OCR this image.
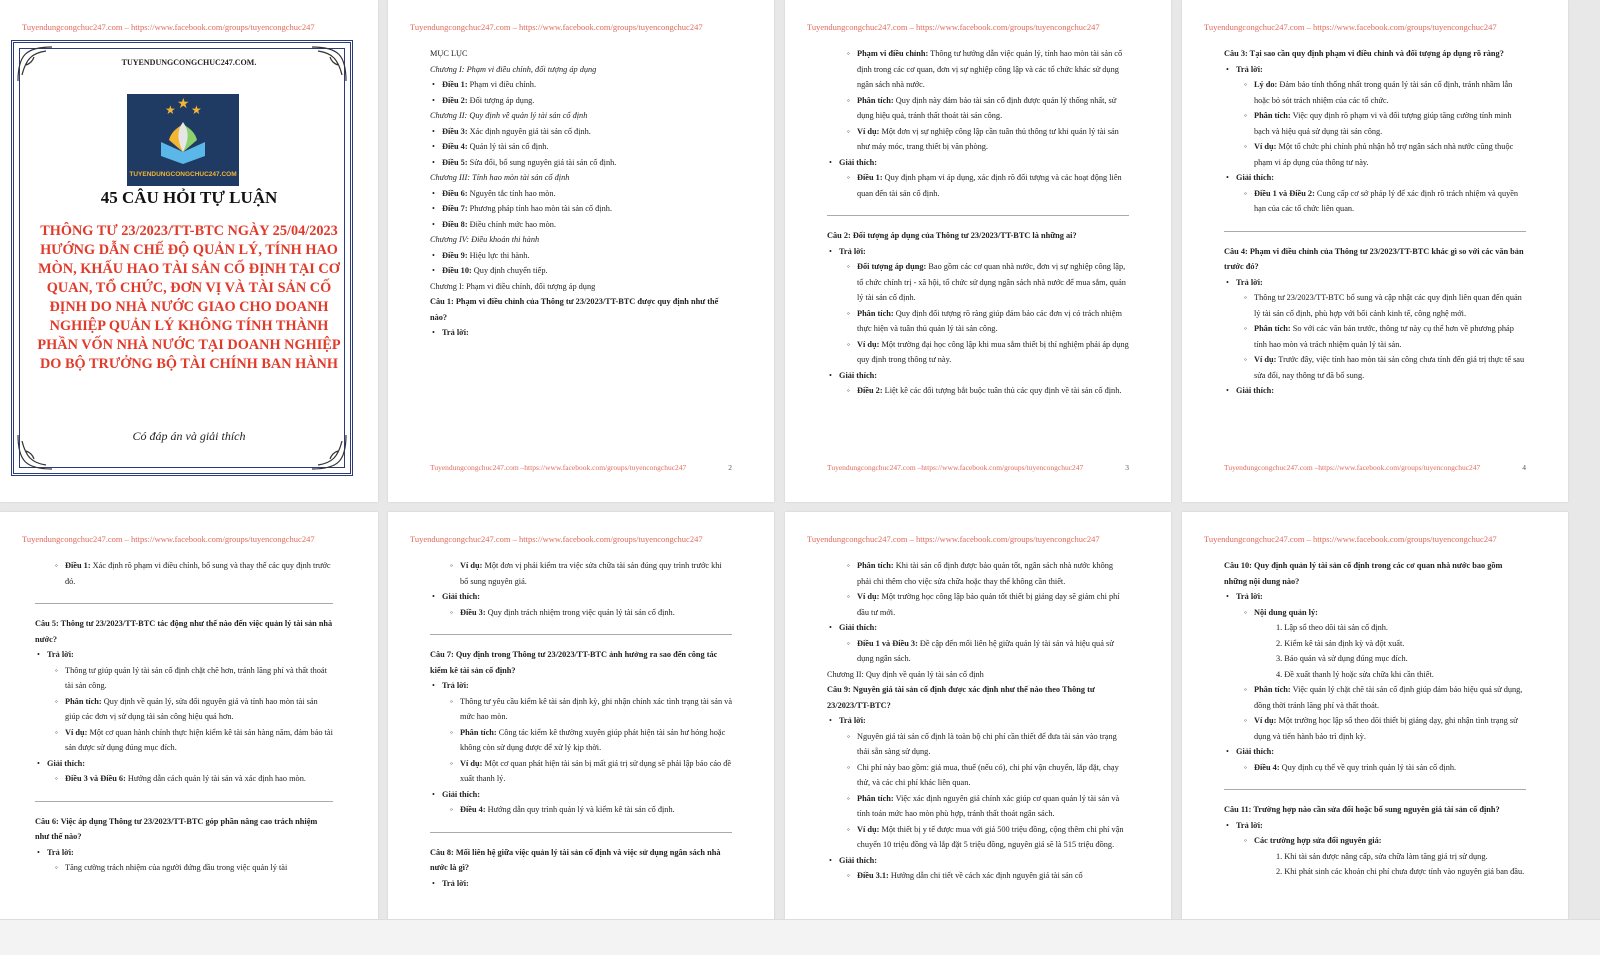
Tuyendungcongchuc247.com – https://www.facebook.com/groups/tuyencongchuc247
TUYENDUNGCONGCHUC247.COM.
★ ★ ★
TUYENDUNGCONGCHUC247.COM
45 CÂU HỎI TỰ LUẬN
THÔNG TƯ 23/2023/TT-BTC NGÀY 25/04/2023 HƯỚNG DẪN CHẾ ĐỘ QUẢN LÝ, TÍNH HAO MÒN, KHẤU HAO TÀI SẢN CỐ ĐỊNH TẠI CƠ QUAN, TỔ CHỨC, ĐƠN VỊ VÀ TÀI SẢN CỐ ĐỊNH DO NHÀ NƯỚC GIAO CHO DOANH NGHIỆP QUẢN LÝ KHÔNG TÍNH THÀNH PHẦN VỐN NHÀ NƯỚC TẠI DOANH NGHIỆP DO BỘ TRƯỞNG BỘ TÀI CHÍNH BAN HÀNH
Có đáp án và giải thích
Tuyendungcongchuc247.com – https://www.facebook.com/groups/tuyencongchuc247

MỤC LỤC

Chương I: Phạm vi điều chỉnh, đối tượng áp dụng

• Điều 1: Phạm vi điều chỉnh.

• Điều 2: Đối tượng áp dụng.

Chương II: Quy định về quản lý tài sản cố định

• Điều 3: Xác định nguyên giá tài sản cố định.

• Điều 4: Quản lý tài sản cố định.

• Điều 5: Sửa đổi, bổ sung nguyên giá tài sản cố định.

Chương III: Tính hao mòn tài sản cố định

• Điều 6: Nguyên tắc tính hao mòn.

• Điều 7: Phương pháp tính hao mòn tài sản cố định.

• Điều 8: Điều chỉnh mức hao mòn.

Chương IV: Điều khoản thi hành

• Điều 9: Hiệu lực thi hành.

• Điều 10: Quy định chuyển tiếp.

Chương I: Phạm vi điều chỉnh, đối tượng áp dụng

Câu 1: Phạm vi điều chỉnh của Thông tư 23/2023/TT-BTC được quy định như thế nào?

• Trả lời:

Tuyendungcongchuc247.com –https://www.facebook.com/groups/tuyencongchuc247	2
Tuyendungcongchuc247.com – https://www.facebook.com/groups/tuyencongchuc247

◦ Phạm vi điều chỉnh: Thông tư hướng dẫn việc quản lý, tính hao mòn tài sản cố định trong các cơ quan, đơn vị sự nghiệp công lập và các tổ chức khác sử dụng ngân sách nhà nước.

◦ Phân tích: Quy định này đảm bảo tài sản cố định được quản lý thống nhất, sử dụng hiệu quả, tránh thất thoát tài sản công.

◦ Ví dụ: Một đơn vị sự nghiệp công lập cần tuân thủ thông tư khi quản lý tài sản như máy móc, trang thiết bị văn phòng.

• Giải thích:

◦ Điều 1: Quy định phạm vi áp dụng, xác định rõ đối tượng và các hoạt động liên quan đến tài sản cố định.

Câu 2: Đối tượng áp dụng của Thông tư 23/2023/TT-BTC là những ai?

• Trả lời:

◦ Đối tượng áp dụng: Bao gồm các cơ quan nhà nước, đơn vị sự nghiệp công lập, tổ chức chính trị - xã hội, tổ chức sử dụng ngân sách nhà nước để mua sắm, quản lý tài sản cố định.

◦ Phân tích: Quy định đối tượng rõ ràng giúp đảm bảo các đơn vị có trách nhiệm thực hiện và tuân thủ quản lý tài sản công.

◦ Ví dụ: Một trường đại học công lập khi mua sắm thiết bị thí nghiệm phải áp dụng quy định trong thông tư này.

• Giải thích:

◦ Điều 2: Liệt kê các đối tượng bắt buộc tuân thủ các quy định về tài sản cố định.

Tuyendungcongchuc247.com –https://www.facebook.com/groups/tuyencongchuc247	3
Tuyendungcongchuc247.com – https://www.facebook.com/groups/tuyencongchuc247

Câu 3: Tại sao cần quy định phạm vi điều chỉnh và đối tượng áp dụng rõ ràng?

• Trả lời:

◦ Lý do: Đảm bảo tính thống nhất trong quản lý tài sản cố định, tránh nhầm lẫn hoặc bỏ sót trách nhiệm của các tổ chức.

◦ Phân tích: Việc quy định rõ phạm vi và đối tượng giúp tăng cường tính minh bạch và hiệu quả sử dụng tài sản công.

◦ Ví dụ: Một tổ chức phi chính phủ nhận hỗ trợ ngân sách nhà nước cũng thuộc phạm vi áp dụng của thông tư này.

• Giải thích:

◦ Điều 1 và Điều 2: Cung cấp cơ sở pháp lý để xác định rõ trách nhiệm và quyền hạn của các tổ chức liên quan.

Câu 4: Phạm vi điều chỉnh của Thông tư 23/2023/TT-BTC khác gì so với các văn bản trước đó?

• Trả lời:

◦ Thông tư 23/2023/TT-BTC bổ sung và cập nhật các quy định liên quan đến quản lý tài sản cố định, phù hợp với bối cảnh kinh tế, công nghệ mới.

◦ Phân tích: So với các văn bản trước, thông tư này cụ thể hơn về phương pháp tính hao mòn và trách nhiệm quản lý tài sản.

◦ Ví dụ: Trước đây, việc tính hao mòn tài sản công chưa tính đến giá trị thực tế sau sửa đổi, nay thông tư đã bổ sung.

• Giải thích:

Tuyendungcongchuc247.com –https://www.facebook.com/groups/tuyencongchuc247	4
Tuyendungcongchuc247.com – https://www.facebook.com/groups/tuyencongchuc247

◦ Điều 1: Xác định rõ phạm vi điều chỉnh, bổ sung và thay thế các quy định trước đó.

Câu 5: Thông tư 23/2023/TT-BTC tác động như thế nào đến việc quản lý tài sản nhà nước?

• Trả lời:

◦ Thông tư giúp quản lý tài sản cố định chặt chẽ hơn, tránh lãng phí và thất thoát tài sản công.

◦ Phân tích: Quy định về quản lý, sửa đổi nguyên giá và tính hao mòn tài sản giúp các đơn vị sử dụng tài sản công hiệu quả hơn.

◦ Ví dụ: Một cơ quan hành chính thực hiện kiểm kê tài sản hàng năm, đảm bảo tài sản được sử dụng đúng mục đích.

• Giải thích:

◦ Điều 3 và Điều 6: Hướng dẫn cách quản lý tài sản và xác định hao mòn.

Câu 6: Việc áp dụng Thông tư 23/2023/TT-BTC góp phần nâng cao trách nhiệm như thế nào?

• Trả lời:

◦ Tăng cường trách nhiệm của người đứng đầu trong việc quản lý tài

Tuyendungcongchuc247.com – https://www.facebook.com/groups/tuyencongchuc247

◦ Ví dụ: Một đơn vị phải kiểm tra việc sửa chữa tài sản đúng quy trình trước khi bổ sung nguyên giá.

• Giải thích:

◦ Điều 3: Quy định trách nhiệm trong việc quản lý tài sản cố định.

Câu 7: Quy định trong Thông tư 23/2023/TT-BTC ảnh hưởng ra sao đến công tác kiểm kê tài sản cố định?

• Trả lời:

◦ Thông tư yêu cầu kiểm kê tài sản định kỳ, ghi nhận chính xác tình trạng tài sản và mức hao mòn.

◦ Phân tích: Công tác kiểm kê thường xuyên giúp phát hiện tài sản hư hỏng hoặc không còn sử dụng được để xử lý kịp thời.

◦ Ví dụ: Một cơ quan phát hiện tài sản bị mất giá trị sử dụng sẽ phải lập báo cáo đề xuất thanh lý.

• Giải thích:

◦ Điều 4: Hướng dẫn quy trình quản lý và kiểm kê tài sản cố định.

Câu 8: Mối liên hệ giữa việc quản lý tài sản cố định và việc sử dụng ngân sách nhà nước là gì?

• Trả lời:

Tuyendungcongchuc247.com – https://www.facebook.com/groups/tuyencongchuc247

◦ Phân tích: Khi tài sản cố định được bảo quản tốt, ngân sách nhà nước không phải chi thêm cho việc sửa chữa hoặc thay thế không cần thiết.

◦ Ví dụ: Một trường học công lập bảo quản tốt thiết bị giảng dạy sẽ giảm chi phí đầu tư mới.

• Giải thích:

◦ Điều 1 và Điều 3: Đề cập đến mối liên hệ giữa quản lý tài sản và hiệu quả sử dụng ngân sách.

Chương II: Quy định về quản lý tài sản cố định

Câu 9: Nguyên giá tài sản cố định được xác định như thế nào theo Thông tư 23/2023/TT-BTC?

• Trả lời:

◦ Nguyên giá tài sản cố định là toàn bộ chi phí cần thiết để đưa tài sản vào trạng thái sẵn sàng sử dụng.

◦ Chi phí này bao gồm: giá mua, thuế (nếu có), chi phí vận chuyển, lắp đặt, chạy thử, và các chi phí khác liên quan.

◦ Phân tích: Việc xác định nguyên giá chính xác giúp cơ quan quản lý tài sản và tính toán mức hao mòn phù hợp, tránh thất thoát ngân sách.

◦ Ví dụ: Một thiết bị y tế được mua với giá 500 triệu đồng, cộng thêm chi phí vận chuyển 10 triệu đồng và lắp đặt 5 triệu đồng, nguyên giá sẽ là 515 triệu đồng.

• Giải thích:

◦ Điều 3.1: Hướng dẫn chi tiết về cách xác định nguyên giá tài sản cố

Tuyendungcongchuc247.com – https://www.facebook.com/groups/tuyencongchuc247

Câu 10: Quy định quản lý tài sản cố định trong các cơ quan nhà nước bao gồm những nội dung nào?

• Trả lời:

◦ Nội dung quản lý:

1. Lập sổ theo dõi tài sản cố định.

2. Kiểm kê tài sản định kỳ và đột xuất.

3. Bảo quản và sử dụng đúng mục đích.

4. Đề xuất thanh lý hoặc sửa chữa khi cần thiết.

◦ Phân tích: Việc quản lý chặt chẽ tài sản cố định giúp đảm bảo hiệu quả sử dụng, đồng thời tránh lãng phí và thất thoát.

◦ Ví dụ: Một trường học lập sổ theo dõi thiết bị giảng dạy, ghi nhận tình trạng sử dụng và tiến hành bảo trì định kỳ.

• Giải thích:

◦ Điều 4: Quy định cụ thể về quy trình quản lý tài sản cố định.

Câu 11: Trường hợp nào cần sửa đổi hoặc bổ sung nguyên giá tài sản cố định?

• Trả lời:

◦ Các trường hợp sửa đổi nguyên giá:

1. Khi tài sản được nâng cấp, sửa chữa làm tăng giá trị sử dụng.

2. Khi phát sinh các khoản chi phí chưa được tính vào nguyên giá ban đầu.
